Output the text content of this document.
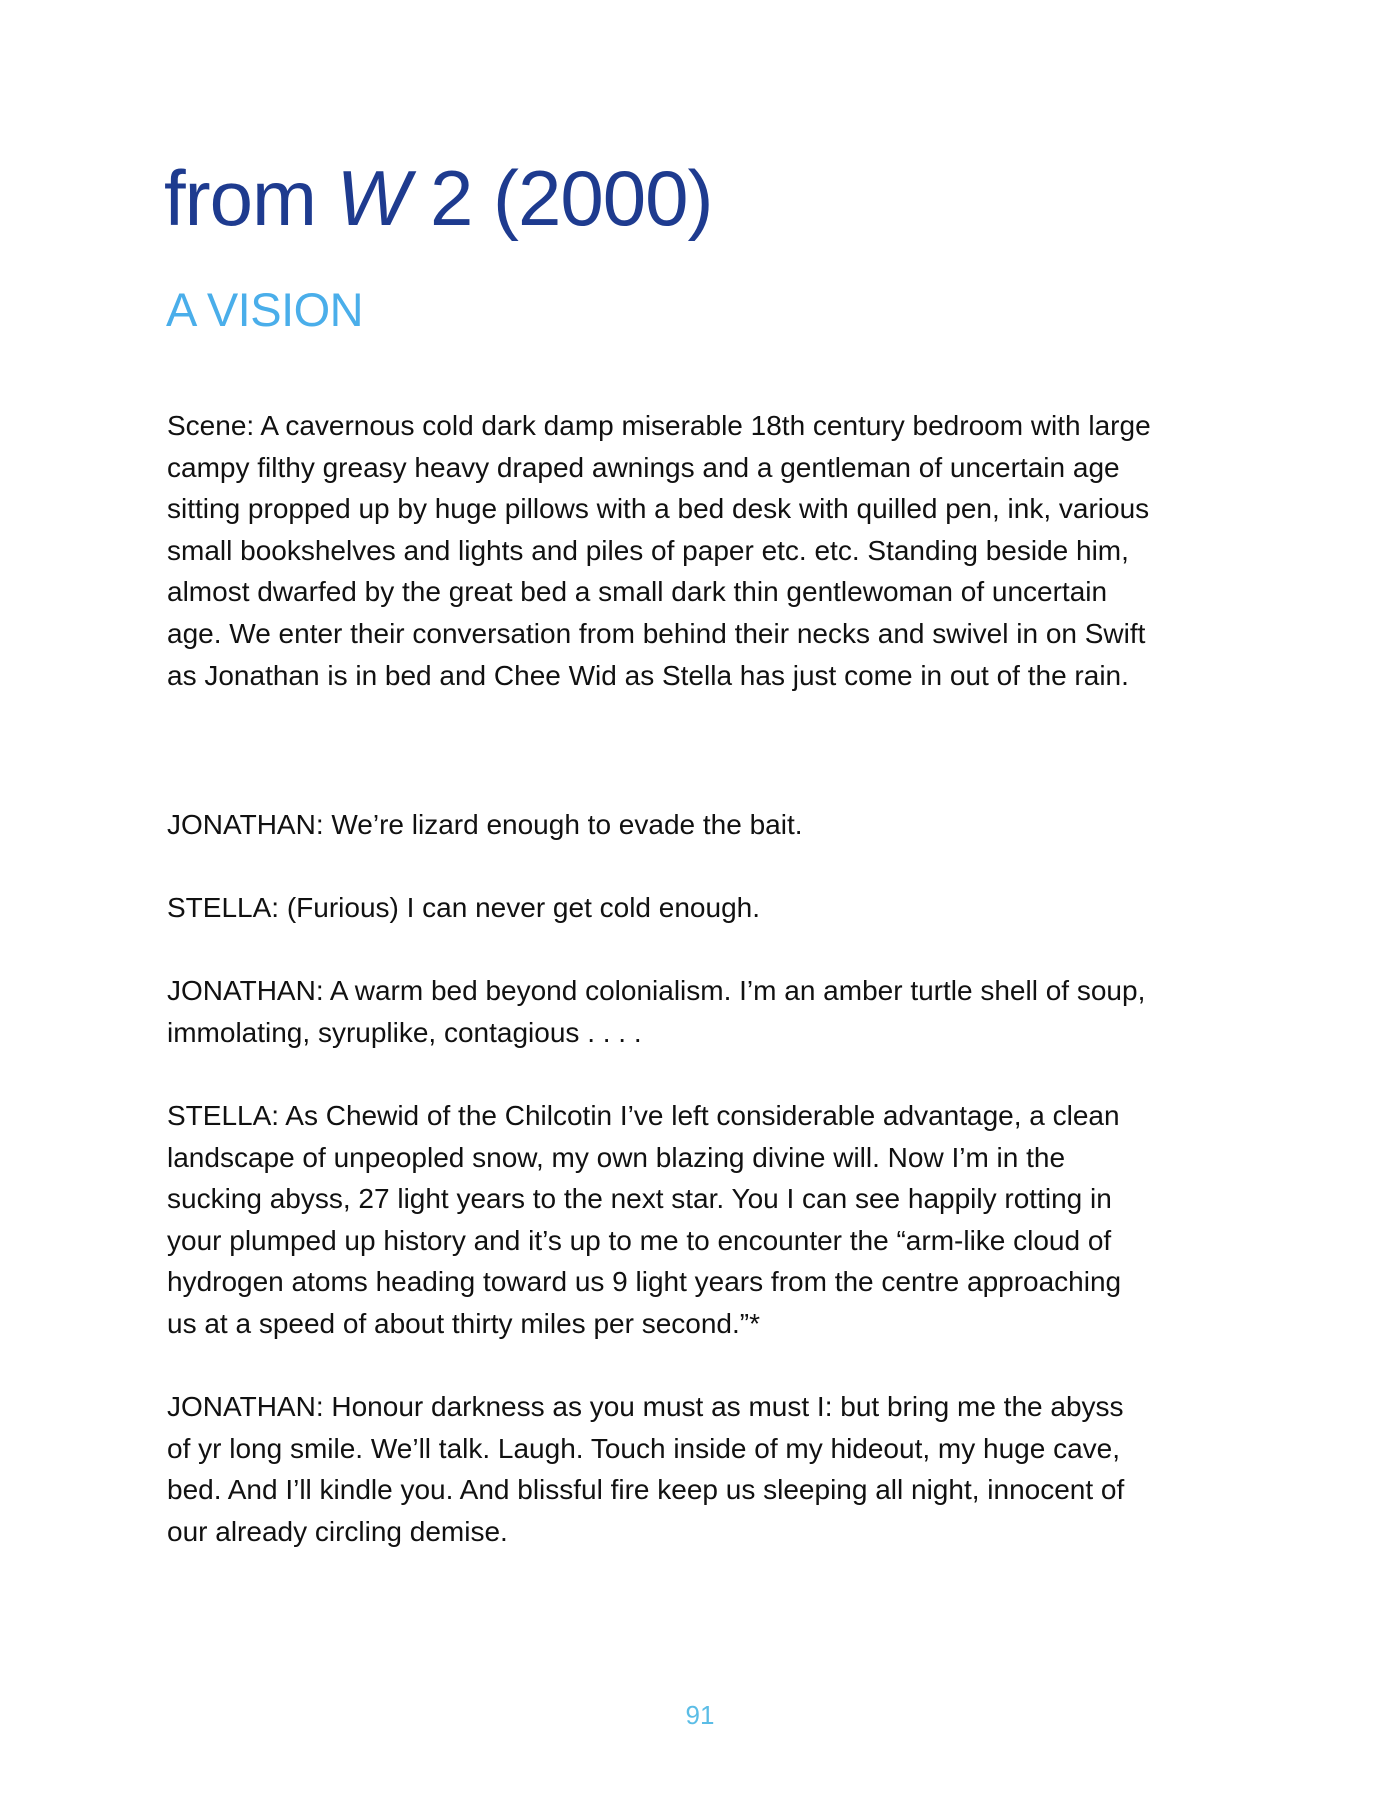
from W 2 (2000)
A VISION
Scene: A cavernous cold dark damp miserable 18th century bedroom with large
campy filthy greasy heavy draped awnings and a gentleman of uncertain age
sitting propped up by huge pillows with a bed desk with quilled pen, ink, various
small bookshelves and lights and piles of paper etc. etc. Standing beside him,
almost dwarfed by the great bed a small dark thin gentlewoman of uncertain
age. We enter their conversation from behind their necks and swivel in on Swift
as Jonathan is in bed and Chee Wid as Stella has just come in out of the rain.
JONATHAN: We’re lizard enough to evade the bait.
STELLA: (Furious) I can never get cold enough.
JONATHAN: A warm bed beyond colonialism. I’m an amber turtle shell of soup,
immolating, syruplike, contagious . . . .
STELLA: As Chewid of the Chilcotin I’ve left considerable advantage, a clean
landscape of unpeopled snow, my own blazing divine will. Now I’m in the
sucking abyss, 27 light years to the next star. You I can see happily rotting in
your plumped up history and it’s up to me to encounter the “arm-like cloud of
hydrogen atoms heading toward us 9 light years from the centre approaching
us at a speed of about thirty miles per second.”*
JONATHAN: Honour darkness as you must as must I: but bring me the abyss
of yr long smile. We’ll talk. Laugh. Touch inside of my hideout, my huge cave,
bed. And I’ll kindle you. And blissful fire keep us sleeping all night, innocent of
our already circling demise.
91
